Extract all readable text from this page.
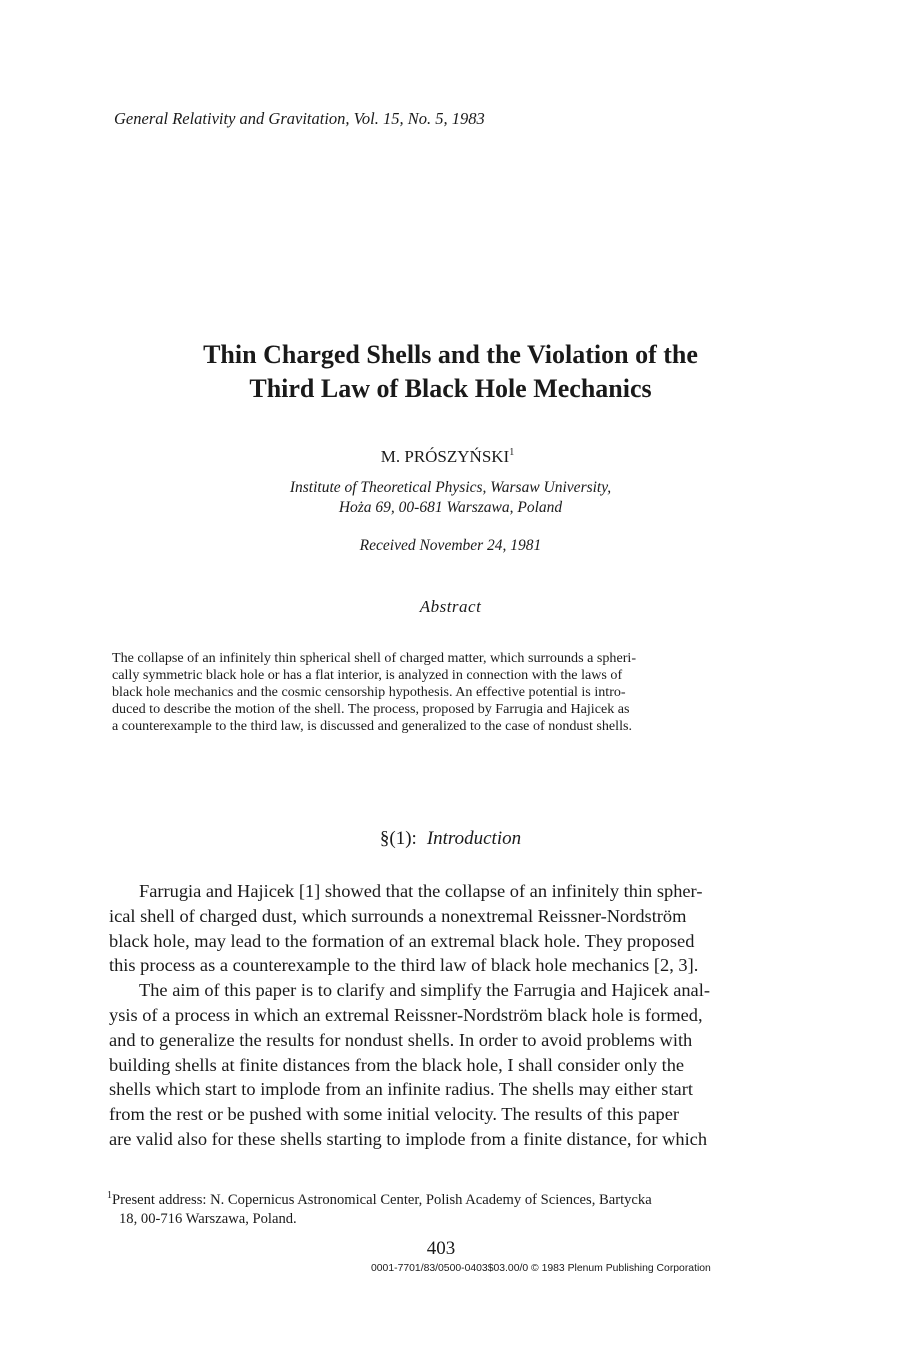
General Relativity and Gravitation, Vol. 15, No. 5, 1983
Thin Charged Shells and the Violation of the
Third Law of Black Hole Mechanics
M. PRÓSZYŃSKI$^1$
Institute of Theoretical Physics, Warsaw University,
Hoża 69, 00-681 Warszawa, Poland
Received November 24, 1981
Abstract
The collapse of an infinitely thin spherical shell of charged matter, which surrounds a spheri-
cally symmetric black hole or has a flat interior, is analyzed in connection with the laws of
black hole mechanics and the cosmic censorship hypothesis. An effective potential is intro-
duced to describe the motion of the shell. The process, proposed by Farrugia and Hajicek as
a counterexample to the third law, is discussed and generalized to the case of nondust shells.
§(1): Introduction
Farrugia and Hajicek [1] showed that the collapse of an infinitely thin spher-
ical shell of charged dust, which surrounds a nonextremal Reissner-Nordström
black hole, may lead to the formation of an extremal black hole. They proposed
this process as a counterexample to the third law of black hole mechanics [2, 3].
The aim of this paper is to clarify and simplify the Farrugia and Hajicek anal-
ysis of a process in which an extremal Reissner-Nordström black hole is formed,
and to generalize the results for nondust shells. In order to avoid problems with
building shells at finite distances from the black hole, I shall consider only the
shells which start to implode from an infinite radius. The shells may either start
from the rest or be pushed with some initial velocity. The results of this paper
are valid also for these shells starting to implode from a finite distance, for which
$^1$Present address: N. Copernicus Astronomical Center, Polish Academy of Sciences, Bartycka
18, 00-716 Warszawa, Poland.
403
0001-7701/83/0500-0403$03.00/0 © 1983 Plenum Publishing Corporation
